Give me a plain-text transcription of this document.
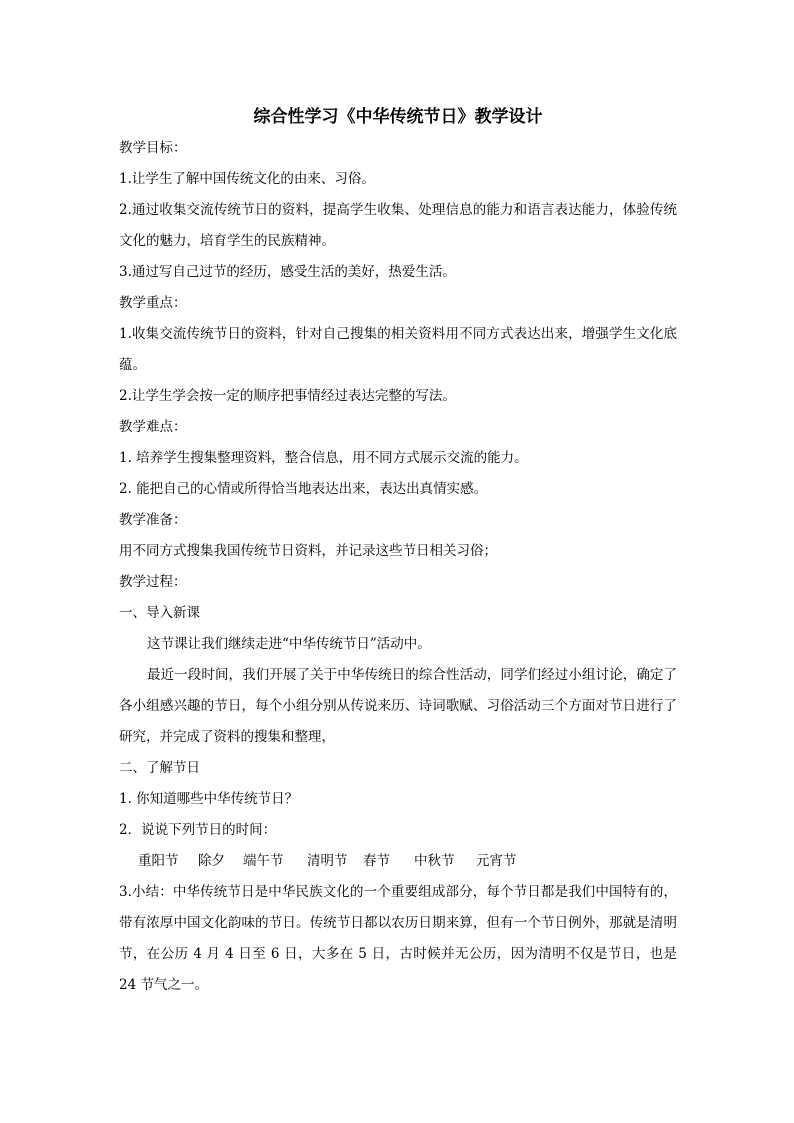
综合性学习《中华传统节日》教学设计

教学目标：

1.让学生了解中国传统文化的由来、习俗。

2.通过收集交流传统节日的资料，提高学生收集、处理信息的能力和语言表达能力，体验传统文化的魅力，培育学生的民族精神。

3.通过写自己过节的经历，感受生活的美好，热爱生活。

教学重点：

1.收集交流传统节日的资料，针对自己搜集的相关资料用不同方式表达出来，增强学生文化底蕴。

2.让学生学会按一定的顺序把事情经过表达完整的写法。

教学难点：

1. 培养学生搜集整理资料，整合信息，用不同方式展示交流的能力。

2. 能把自己的心情或所得恰当地表达出来，表达出真情实感。

教学准备：

用不同方式搜集我国传统节日资料，并记录这些节日相关习俗；

教学过程：

一、导入新课

这节课让我们继续走进“中华传统节日”活动中。

最近一段时间，我们开展了关于中华传统日的综合性活动，同学们经过小组讨论，确定了各小组感兴趣的节日，每个小组分别从传说来历、诗词歌赋、习俗活动三个方面对节日进行了研究，并完成了资料的搜集和整理，

二、了解节日

1. 你知道哪些中华传统节日？

2．说说下列节日的时间：

重阳节	除夕	端午节	清明节	春节	中秋节	元宵节

3.小结：中华传统节日是中华民族文化的一个重要组成部分，每个节日都是我们中国特有的，带有浓厚中国文化韵味的节日。传统节日都以农历日期来算，但有一个节日例外，那就是清明节，在公历 4 月 4 日至 6 日，大多在 5 日，古时候并无公历，因为清明不仅是节日，也是 24 节气之一。
